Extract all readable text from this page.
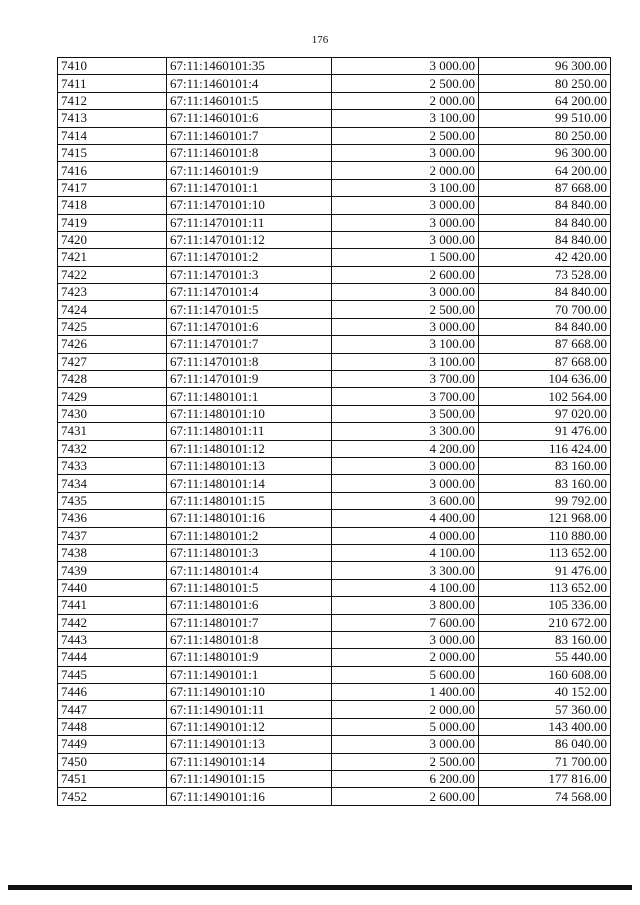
176
7410	67:11:1460101:35	3 000.00	96 300.00
7411	67:11:1460101:4	2 500.00	80 250.00
7412	67:11:1460101:5	2 000.00	64 200.00
7413	67:11:1460101:6	3 100.00	99 510.00
7414	67:11:1460101:7	2 500.00	80 250.00
7415	67:11:1460101:8	3 000.00	96 300.00
7416	67:11:1460101:9	2 000.00	64 200.00
7417	67:11:1470101:1	3 100.00	87 668.00
7418	67:11:1470101:10	3 000.00	84 840.00
7419	67:11:1470101:11	3 000.00	84 840.00
7420	67:11:1470101:12	3 000.00	84 840.00
7421	67:11:1470101:2	1 500.00	42 420.00
7422	67:11:1470101:3	2 600.00	73 528.00
7423	67:11:1470101:4	3 000.00	84 840.00
7424	67:11:1470101:5	2 500.00	70 700.00
7425	67:11:1470101:6	3 000.00	84 840.00
7426	67:11:1470101:7	3 100.00	87 668.00
7427	67:11:1470101:8	3 100.00	87 668.00
7428	67:11:1470101:9	3 700.00	104 636.00
7429	67:11:1480101:1	3 700.00	102 564.00
7430	67:11:1480101:10	3 500.00	97 020.00
7431	67:11:1480101:11	3 300.00	91 476.00
7432	67:11:1480101:12	4 200.00	116 424.00
7433	67:11:1480101:13	3 000.00	83 160.00
7434	67:11:1480101:14	3 000.00	83 160.00
7435	67:11:1480101:15	3 600.00	99 792.00
7436	67:11:1480101:16	4 400.00	121 968.00
7437	67:11:1480101:2	4 000.00	110 880.00
7438	67:11:1480101:3	4 100.00	113 652.00
7439	67:11:1480101:4	3 300.00	91 476.00
7440	67:11:1480101:5	4 100.00	113 652.00
7441	67:11:1480101:6	3 800.00	105 336.00
7442	67:11:1480101:7	7 600.00	210 672.00
7443	67:11:1480101:8	3 000.00	83 160.00
7444	67:11:1480101:9	2 000.00	55 440.00
7445	67:11:1490101:1	5 600.00	160 608.00
7446	67:11:1490101:10	1 400.00	40 152.00
7447	67:11:1490101:11	2 000.00	57 360.00
7448	67:11:1490101:12	5 000.00	143 400.00
7449	67:11:1490101:13	3 000.00	86 040.00
7450	67:11:1490101:14	2 500.00	71 700.00
7451	67:11:1490101:15	6 200.00	177 816.00
7452	67:11:1490101:16	2 600.00	74 568.00
